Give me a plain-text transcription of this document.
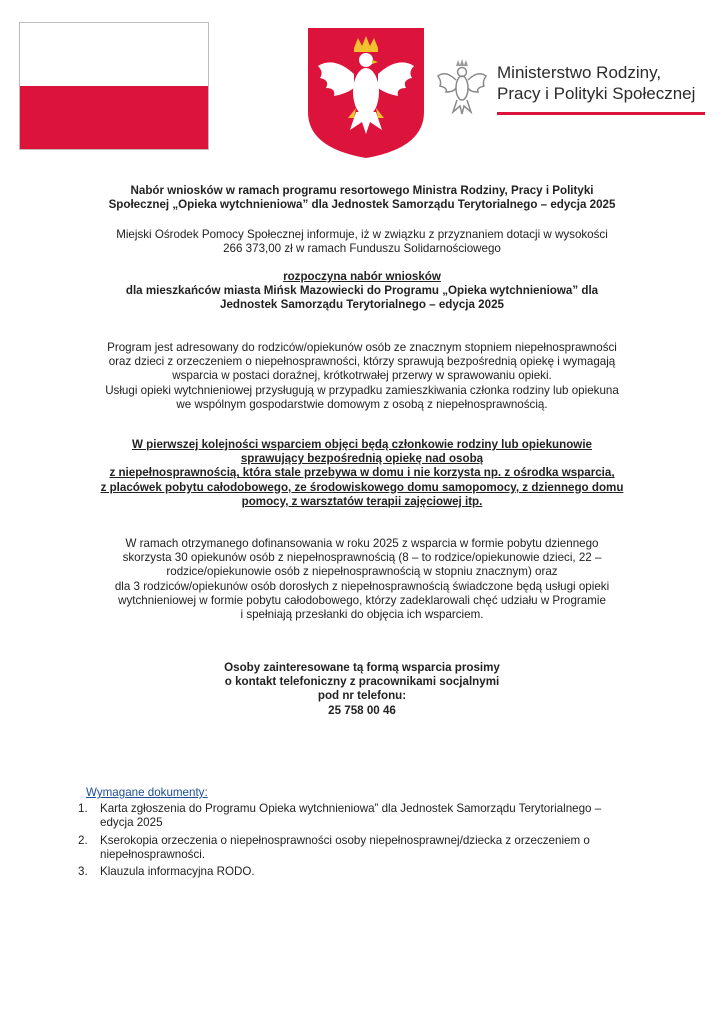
Ministerstwo Rodziny,
Pracy i Polityki Społecznej

Nabór wniosków w ramach programu resortowego Ministra Rodziny, Pracy i Polityki

Społecznej „Opieka wytchnieniowa” dla Jednostek Samorządu Terytorialnego – edycja 2025

Miejski Ośrodek Pomocy Społecznej informuje, iż w związku z przyznaniem dotacji w wysokości

266 373,00 zł w ramach Funduszu Solidarnościowego

rozpoczyna nabór wniosków

dla mieszkańców miasta Mińsk Mazowiecki do Programu „Opieka wytchnieniowa” dla

Jednostek Samorządu Terytorialnego – edycja 2025

Program jest adresowany do rodziców/opiekunów osób ze znacznym stopniem niepełnosprawności

oraz dzieci z orzeczeniem o niepełnosprawności, którzy sprawują bezpośrednią opiekę i wymagają

wsparcia w postaci doraźnej, krótkotrwałej przerwy w sprawowaniu opieki.

Usługi opieki wytchnieniowej przysługują w przypadku zamieszkiwania członka rodziny lub opiekuna

we wspólnym gospodarstwie domowym z osobą z niepełnosprawnością.

W pierwszej kolejności wsparciem objęci będą członkowie rodziny lub opiekunowie

sprawujący bezpośrednią opiekę nad osobą

z niepełnosprawnością, która stale przebywa w domu i nie korzysta np. z ośrodka wsparcia,

z placówek pobytu całodobowego, ze środowiskowego domu samopomocy, z dziennego domu

pomocy, z warsztatów terapii zajęciowej itp.

W ramach otrzymanego dofinansowania w roku 2025 z wsparcia w formie pobytu dziennego

skorzysta 30 opiekunów osób z niepełnosprawnością (8 – to rodzice/opiekunowie dzieci, 22 –

rodzice/opiekunowie osób z niepełnosprawnością w stopniu znacznym) oraz

dla 3 rodziców/opiekunów osób dorosłych z niepełnosprawnością świadczone będą usługi opieki

wytchnieniowej w formie pobytu całodobowego, którzy zadeklarowali chęć udziału w Programie

i spełniają przesłanki do objęcia ich wsparciem.

Osoby zainteresowane tą formą wsparcia prosimy

o kontakt telefoniczny z pracownikami socjalnymi

pod nr telefonu:

25 758 00 46

Wymagane dokumenty:
1. Karta zgłoszenia do Programu Opieka wytchnieniowa” dla Jednostek Samorządu Terytorialnego –
edycja 2025
2. Kserokopia orzeczenia o niepełnosprawności osoby niepełnosprawnej/dziecka z orzeczeniem o
niepełnosprawności.
3. Klauzula informacyjna RODO.
